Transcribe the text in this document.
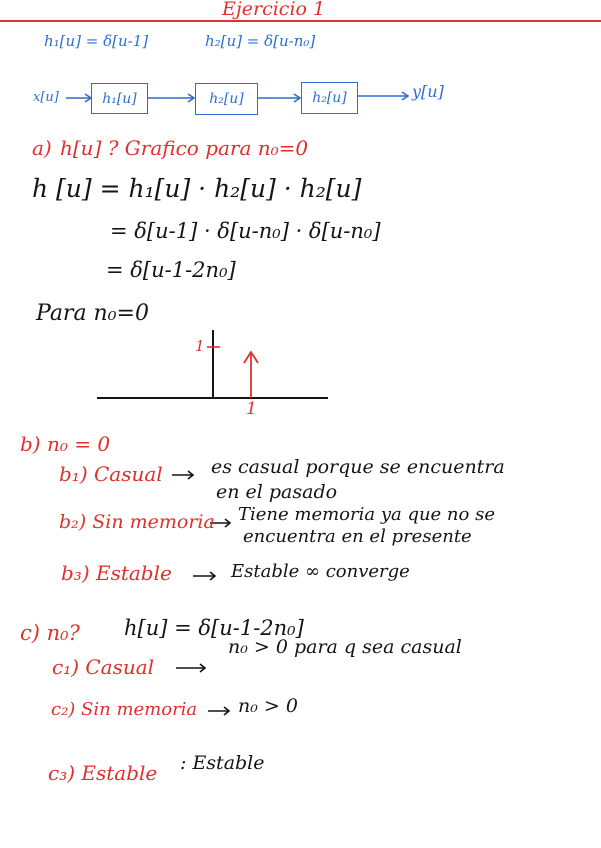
Ejercicio 1
h₁[u] = δ[u-1]	h₂[u] = δ[u-n₀]
x[u]	h₁[u]	h₂[u]	h₂[u]	y[u]
a) h[u] ? Grafico para n₀=0
h [u] = h₁[u] · h₂[u] · h₂[u]
= δ[u-1] · δ[u-n₀] · δ[u-n₀]
= δ[u-1-2n₀]
Para n₀=0
1
1
b) n₀ = 0
b₁) Casual	es casual porque se encuentra
en el pasado
b₂) Sin memoria Tiene memoria ya que no se
encuentra en el presente
b₃) Estable	Estable ∞ converge
c) n₀? h[u] = δ[u-1-2n₀]
c₁) Casual
n₀ > 0 para q sea casual
c₂) Sin memoria n₀ > 0
c₃) Estable : Estable
